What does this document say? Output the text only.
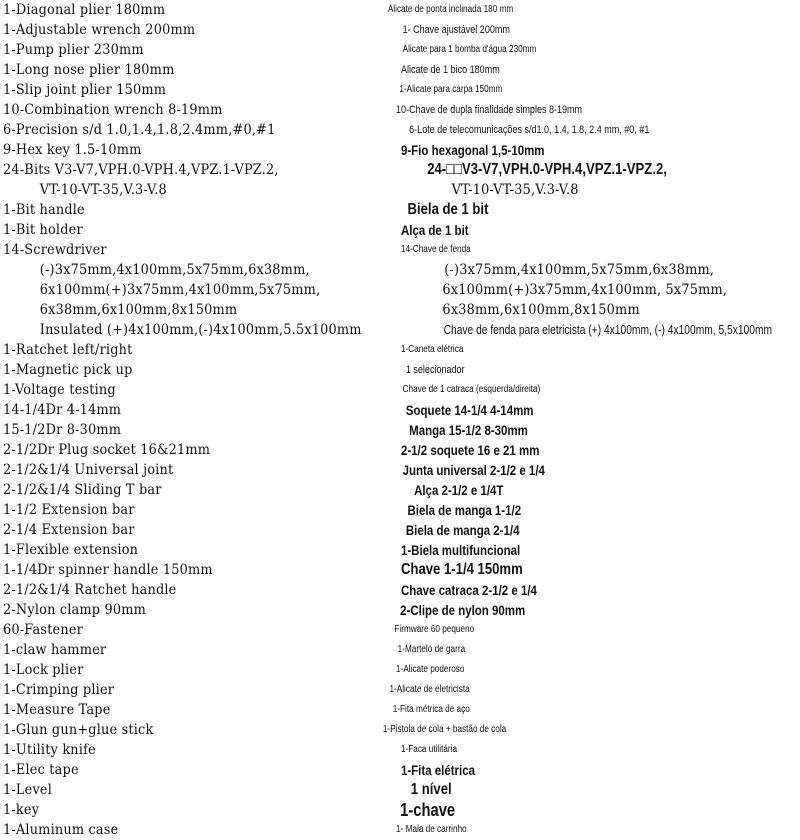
1-Diagonal plier 180mm
1-Adjustable wrench 200mm
1-Pump plier 230mm
1-Long nose plier 180mm
1-Slip joint plier 150mm
10-Combination wrench 8-19mm
6-Precision s/d 1.0,1.4,1.8,2.4mm,#0,#1
9-Hex key 1.5-10mm
24-Bits V3-V7,VPH.0-VPH.4,VPZ.1-VPZ.2,
VT-10-VT-35,V.3-V.8
1-Bit handle
1-Bit holder
14-Screwdriver
(-)3x75mm,4x100mm,5x75mm,6x38mm,
6x100mm(+)3x75mm,4x100mm,5x75mm,
6x38mm,6x100mm,8x150mm
Insulated (+)4x100mm,(-)4x100mm,5.5x100mm
1-Ratchet left/right
1-Magnetic pick up
1-Voltage testing
14-1/4Dr 4-14mm
15-1/2Dr 8-30mm
2-1/2Dr Plug socket 16&21mm
2-1/2&1/4 Universal joint
2-1/2&1/4 Sliding T bar
1-1/2 Extension bar
2-1/4 Extension bar
1-Flexible extension
1-1/4Dr spinner handle 150mm
2-1/2&1/4 Ratchet handle
2-Nylon clamp 90mm
60-Fastener
1-claw hammer
1-Lock plier
1-Crimping plier
1-Measure Tape
1-Glun gun+glue stick
1-Utility knife
1-Elec tape
1-Level
1-key
1-Aluminum case
Alicate de ponta inclinada 180 mm
1- Chave ajustável 200mm
Alicate para 1 bomba d'água 230mm
Alicate de 1 bico 180mm
1-Alicate para carpa 150mm
10-Chave de dupla finalidade simples 8-19mm
6-Lote de telecomunicações s/d1.0, 1.4, 1.8, 2.4 mm, #0, #1
9-Fio hexagonal 1,5-10mm
24-□□V3-V7,VPH.0-VPH.4,VPZ.1-VPZ.2,
VT-10-VT-35,V.3-V.8
Biela de 1 bit
Alça de 1 bit
14-Chave de fenda
(-)3x75mm,4x100mm,5x75mm,6x38mm,
6x100mm(+)3x75mm,4x100mm, 5x75mm,
6x38mm,6x100mm,8x150mm
Chave de fenda para eletricista (+) 4x100mm, (-) 4x100mm, 5,5x100mm
1-Caneta elétrica
1 selecionador
Chave de 1 catraca (esquerda/direita)
Soquete 14-1/4 4-14mm
Manga 15-1/2 8-30mm
2-1/2 soquete 16 e 21 mm
Junta universal 2-1/2 e 1/4
Alça 2-1/2 e 1/4T
Biela de manga 1-1/2
Biela de manga 2-1/4
1-Biela multifuncional
Chave 1-1/4 150mm
Chave catraca 2-1/2 e 1/4
2-Clipe de nylon 90mm
Firmware 60 pequeno
1-Martelo de garra
1-Alicate poderoso
1-Alicate de eletricista
1-Fita métrica de aço
1-Pistola de cola + bastão de cola
1-Faca utilitária
1-Fita elétrica
1 nível
1-chave
1- Mala de carrinho
